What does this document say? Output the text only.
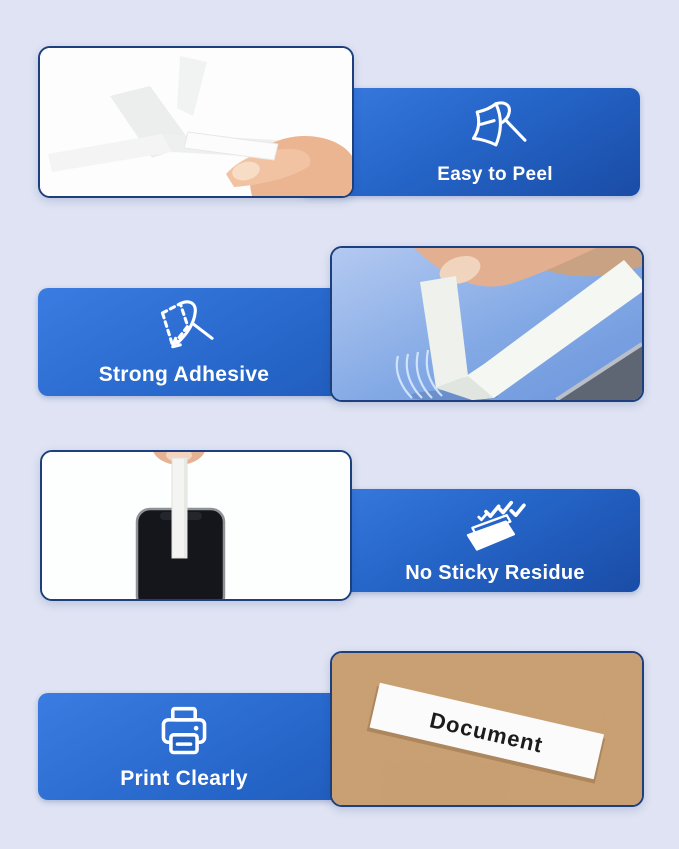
Easy to Peel
Strong Adhesive
No Sticky Residue
Print Clearly
Document
